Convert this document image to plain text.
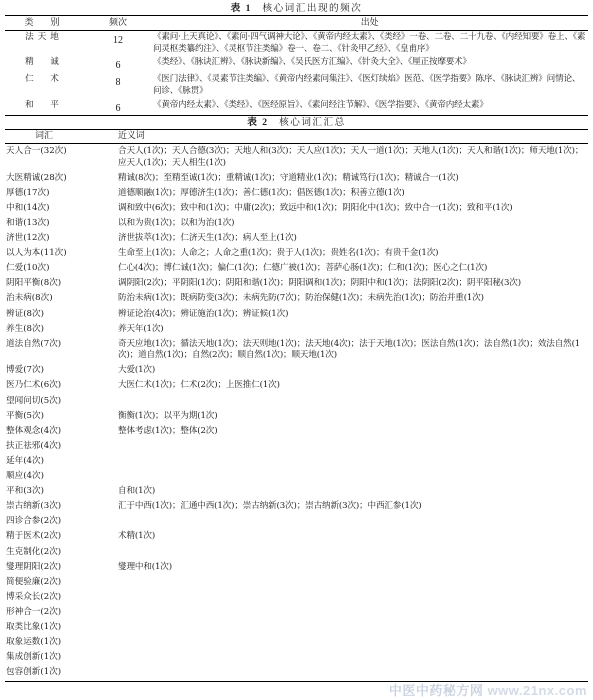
表 1 核心词汇出现的频次
类　别	频次	出处
法天地	12	《素问·上天真论》、《素问·四气调神大论》、《黄帝内经太素》、《类经》一卷、二卷、二十九卷、《内经知要》卷上、《素问灵枢类纂约注》、《灵枢节注类编》卷一、卷二、《针灸甲乙经》、《皇甫序》
精　诚	6	《类经》、《脉诀汇辨》、《脉诀新编》、《吴氏医方汇编》、《针灸大全》、《厘正按摩要术》
仁　术	8	《医门法律》、《灵素节注类编》、《黄帝内经素问集注》、《医灯续焰》医范、《医学指要》陈序、《脉诀汇辨》问情论、问诊、《脉贯》
和　平	6	《黄帝内经太素》、《类经》、《医经原旨》、《素问经注节解》、《医学指要》、《黄帝内经太素》
表 2 核心词汇汇总
词汇	近义词
天人合一(32次)	合天人(1次)；天人合德(3次)；天地人和(3次)；天人应(1次)；天人一道(1次)；天地人(1次)；天人和谐(1次)；师天地(1次)；应天人(1次)；天人相生(1次)
大医精诚(28次)	精诚(8次)；至精至诚(1次)；重精诚(1次)；守道精业(1次)；精诚笃行(1次)；精诚合一(1次)
厚德(17次)	道德顺融(1次)；厚德济生(1次)；善仁德(1次)；倡医德(1次)；积善立德(1次)
中和(14次)	调和致中(6次)；致中和(1次)；中庸(2次)；致远中和(1次)；阴阳化中(1次)；致中合一(1次)；致和平(1次)
和谐(13次)	以和为贵(1次)；以和为治(1次)
济世(12次)	济世拔萃(1次)；仁济天生(1次)；病人至上(1次)
以人为本(11次)	生命至上(1次)；人命之；人命之重(1次)；贵于人(1次)；贵姓名(1次)；有贵千金(1次)
仁爱(10次)	仁心(4次)；博仁诚(1次)；偏仁(1次)；仁德广被(1次)；菩萨心肠(1次)；仁和(1次)；医心之仁(1次)
阴阳平衡(8次)	调阴阳(2次)；平阴阳(1次)；阴阳和谐(1次)；阴阳调和(1次)；阴阳中和(1次)；法阴阳(2次)；阴平阳秘(3次)
治未病(8次)	防治未病(1次)；既病防变(3次)；未病先防(7次)；防治保健(1次)；未病先治(1次)；防治并重(1次)
辨证(8次)	辨证论治(4次)；辨证施治(1次)；辨证候(1次)
养生(8次)	养天年(1次)
道法自然(7次)	奇天应地(1次)；循法天地(1次)；法天则地(1次)；法天地(4次)；法于天地(1次)；医法自然(1次)；法自然(1次)；效法自然(1次)；道自然(1次)；自然(2次)；顺自然(1次)；顺天地(1次)
博爱(7次)	大爱(1次)
医乃仁术(6次)	大医仁术(1次)；仁术(2次)；上医推仁(1次)
望闻问切(5次)	
平衡(5次)	衡衡(1次)；以平为期(1次)
整体观念(4次)	整体考虑(1次)；整体(2次)
扶正祛邪(4次)	
延年(4次)	
顺应(4次)	
平和(3次)	自和(1次)
崇古纳新(3次)	汇于中西(1次)；汇通中西(1次)；崇古纳新(3次)；崇古纳新(3次)；中西汇参(1次)
四诊合参(2次)	
精于医术(2次)	术精(1次)
生克制化(2次)	
燮理阴阳(2次)	燮理中和(1次)
简便验廉(2次)	
博采众长(2次)	
形神合一(2次)	
取类比象(1次)	
取象运数(1次)	
集成创新(1次)	
包容创新(1次)	
中医中药秘方网 www.21nx.com
